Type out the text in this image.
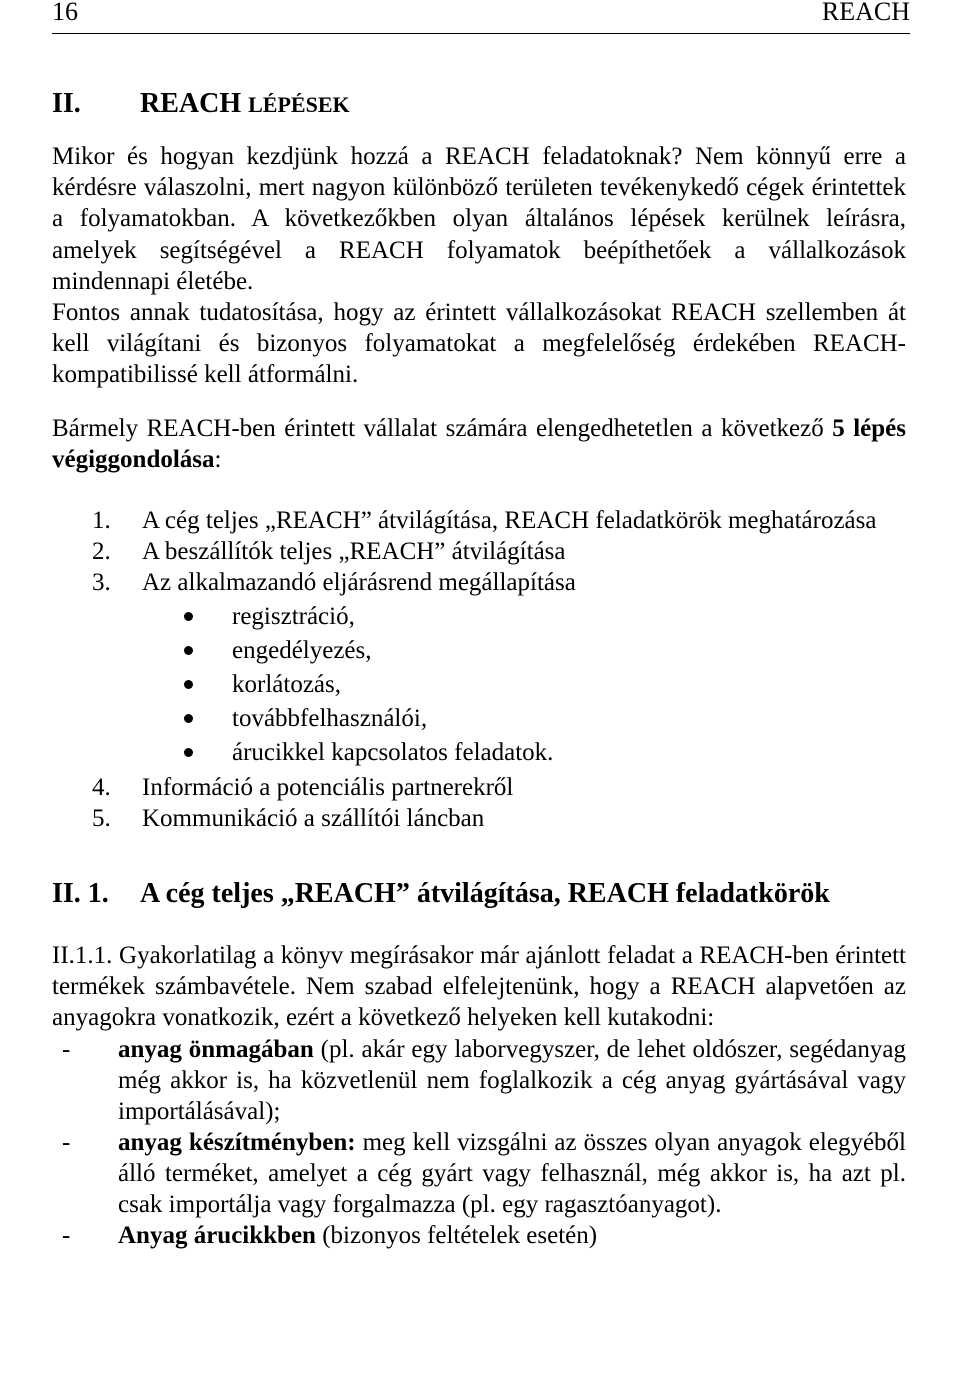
16	REACH
II.	REACH LÉPÉSEK

Mikor és hogyan kezdjünk hozzá a REACH feladatoknak? Nem könnyű erre a kérdésre válaszolni, mert nagyon különböző területen tevékenykedő cégek érintettek a folyamatokban. A következőkben olyan általános lépések kerülnek leírásra, amelyek segítségével a REACH folyamatok beépíthetőek a vállalkozások mindennapi életébe.

Fontos annak tudatosítása, hogy az érintett vállalkozásokat REACH szellemben át kell világítani és bizonyos folyamatokat a megfelelőség érdekében REACH-kompatibilissé kell átformálni.

Bármely REACH-ben érintett vállalat számára elengedhetetlen a következő 5 lépés végiggondolása:

1.	A cég teljes „REACH” átvilágítása, REACH feladatkörök meghatározása
2.	A beszállítók teljes „REACH” átvilágítása
3.	Az alkalmazandó eljárásrend megállapítása
regisztráció,
engedélyezés,
korlátozás,
továbbfelhasználói,
árucikkel kapcsolatos feladatok.
4.	Információ a potenciális partnerekről
5.	Kommunikáció a szállítói láncban
II. 1.	A cég teljes „REACH” átvilágítása, REACH feladatkörök

II.1.1. Gyakorlatilag a könyv megírásakor már ajánlott feladat a REACH-ben érintett termékek számbavétele. Nem szabad elfelejtenünk, hogy a REACH alapvetően az anyagokra vonatkozik, ezért a következő helyeken kell kutakodni:

-	anyag önmagában (pl. akár egy laborvegyszer, de lehet oldószer, segédanyag még akkor is, ha közvetlenül nem foglalkozik a cég anyag gyártásával vagy importálásával);
-	anyag készítményben: meg kell vizsgálni az összes olyan anyagok elegyéből álló terméket, amelyet a cég gyárt vagy felhasznál, még akkor is, ha azt pl. csak importálja vagy forgalmazza (pl. egy ragasztóanyagot).
-	Anyag árucikkben (bizonyos feltételek esetén)
